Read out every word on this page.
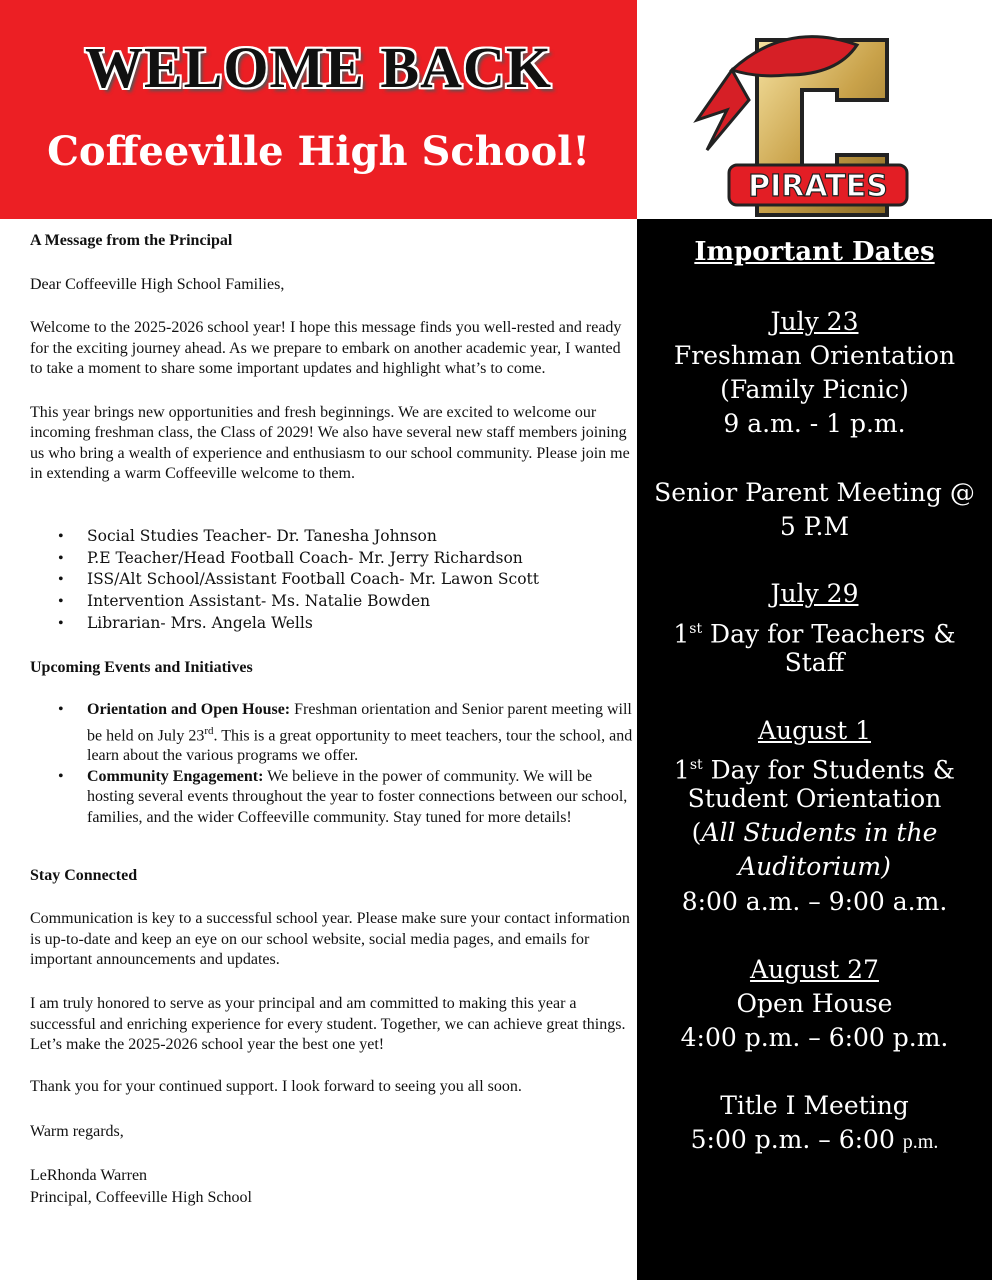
WELOME BACK
Coffeeville High School!
PIRATES
Important Dates
July 23
Freshman Orientation
(Family Picnic)
9 a.m. - 1 p.m.
Senior Parent Meeting @
5 P.M
July 29
1st Day for Teachers &
Staff
August 1
1st Day for Students &
Student Orientation
(All Students in the
Auditorium)
8:00 a.m. – 9:00 a.m.
August 27
Open House
4:00 p.m. – 6:00 p.m.
Title I Meeting
5:00 p.m. – 6:00 p.m.

A Message from the Principal

Dear Coffeeville High School Families,

Welcome to the 2025-2026 school year! I hope this message finds you well-rested and ready for the exciting journey ahead. As we prepare to embark on another academic year, I wanted to take a moment to share some important updates and highlight what’s to come.

This year brings new opportunities and fresh beginnings. We are excited to welcome our incoming freshman class, the Class of 2029! We also have several new staff members joining us who bring a wealth of experience and enthusiasm to our school community. Please join me in extending a warm Coffeeville welcome to them.

• Social Studies Teacher- Dr. Tanesha Johnson
• P.E Teacher/Head Football Coach- Mr. Jerry Richardson
• ISS/Alt School/Assistant Football Coach- Mr. Lawon Scott
• Intervention Assistant- Ms. Natalie Bowden
• Librarian- Mrs. Angela Wells
Upcoming Events and Initiatives
• Orientation and Open House: Freshman orientation and Senior parent meeting will be held on July 23rd. This is a great opportunity to meet teachers, tour the school, and learn about the various programs we offer.
• Community Engagement: We believe in the power of community. We will be hosting several events throughout the year to foster connections between our school, families, and the wider Coffeeville community. Stay tuned for more details!
Stay Connected
Communication is key to a successful school year. Please make sure your contact information is up-to-date and keep an eye on our school website, social media pages, and emails for important announcements and updates.
I am truly honored to serve as your principal and am committed to making this year a successful and enriching experience for every student. Together, we can achieve great things. Let’s make the 2025-2026 school year the best one yet!
Thank you for your continued support. I look forward to seeing you all soon.
Warm regards,
LeRhonda Warren
Principal, Coffeeville High School
